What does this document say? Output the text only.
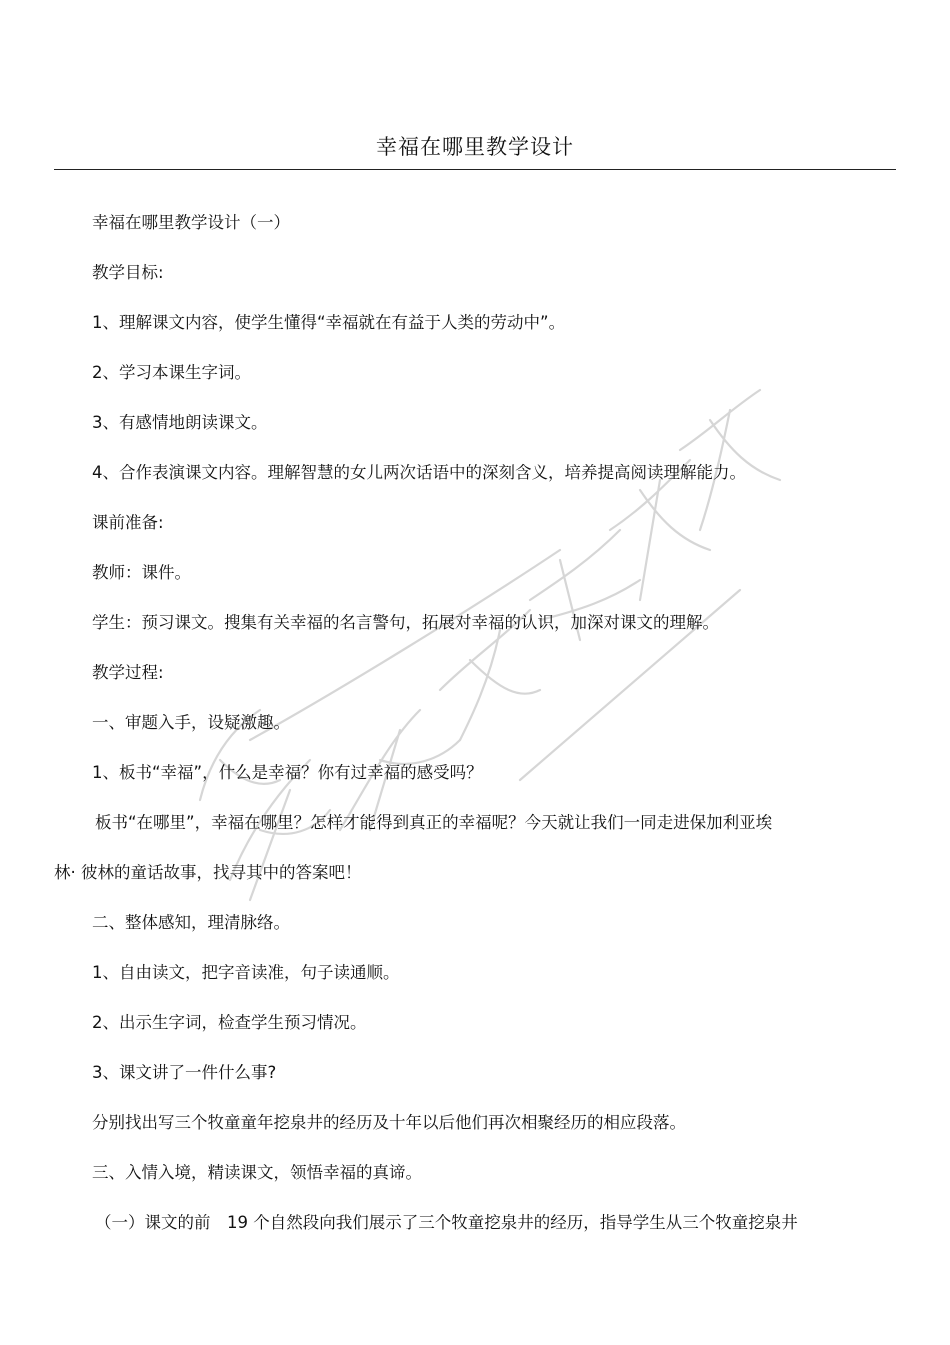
幸福在哪里教学设计
幸福在哪里教学设计（一）
教学目标:
1、理解课文内容，使学生懂得“幸福就在有益于人类的劳动中”。
2、学习本课生字词。
3、有感情地朗读课文。
4、合作表演课文内容。理解智慧的女儿两次话语中的深刻含义，培养提高阅读理解能力。
课前准备:
教师：课件。
学生：预习课文。搜集有关幸福的名言警句，拓展对幸福的认识，加深对课文的理解。
教学过程:
一、审题入手，设疑激趣。
1、板书“幸福”，什么是幸福？你有过幸福的感受吗？
板书“在哪里”，幸福在哪里？怎样才能得到真正的幸福呢？今天就让我们一同走进保加利亚埃
林· 彼林的童话故事，找寻其中的答案吧！
二、整体感知，理清脉络。
1、自由读文，把字音读准，句子读通顺。
2、出示生字词，检查学生预习情况。
3、课文讲了一件什么事?
分别找出写三个牧童童年挖泉井的经历及十年以后他们再次相聚经历的相应段落。
三、入情入境，精读课文，领悟幸福的真谛。
（一）课文的前　19 个自然段向我们展示了三个牧童挖泉井的经历，指导学生从三个牧童挖泉井
